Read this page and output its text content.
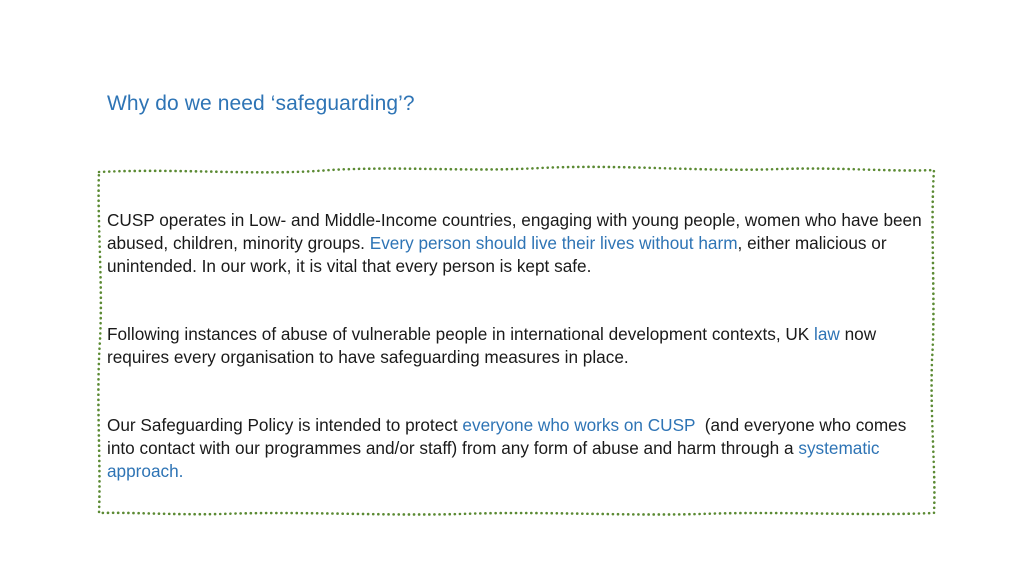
Why do we need ‘safeguarding’?

CUSP operates in Low- and Middle-Income countries, engaging with young people, women who have been abused, children, minority groups. Every person should live their lives without harm, either malicious or unintended. In our work, it is vital that every person is kept safe.

Following instances of abuse of vulnerable people in international development contexts, UK law now requires every organisation to have safeguarding measures in place.

Our Safeguarding Policy is intended to protect everyone who works on CUSP  (and everyone who comes into contact with our programmes and/or staff) from any form of abuse and harm through a systematic approach.
